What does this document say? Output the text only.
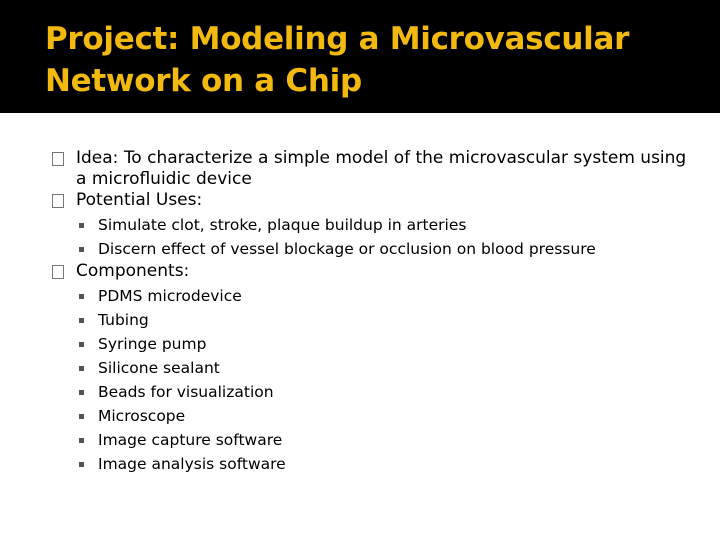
Project: Modeling a Microvascular Network on a Chip
Idea: To characterize a simple model of the microvascular system using a microfluidic device
Potential Uses:
Simulate clot, stroke, plaque buildup in arteries
Discern effect of vessel blockage or occlusion on blood pressure
Components:
PDMS microdevice
Tubing
Syringe pump
Silicone sealant
Beads for visualization
Microscope
Image capture software
Image analysis software
